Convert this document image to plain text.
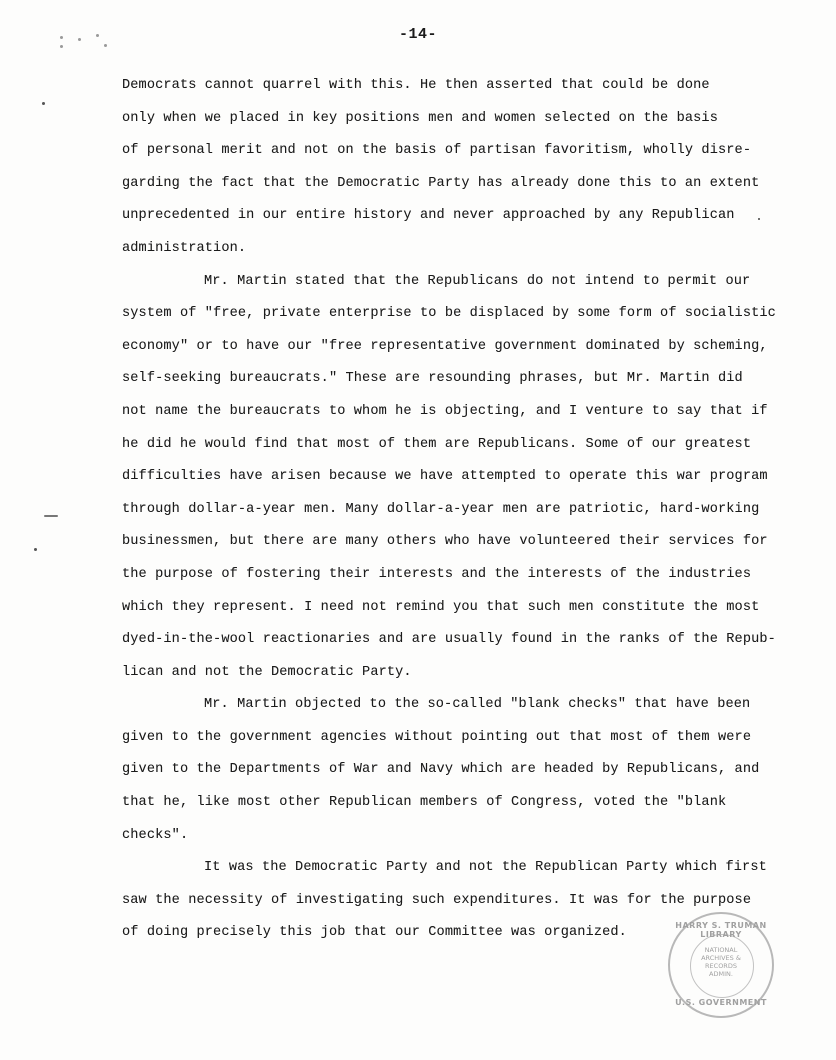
-14-
Democrats cannot quarrel with this. He then asserted that could be done
only when we placed in key positions men and women selected on the basis
of personal merit and not on the basis of partisan favoritism, wholly disre-
garding the fact that the Democratic Party has already done this to an extent
unprecedented in our entire history and never approached by any Republican
administration.
Mr. Martin stated that the Republicans do not intend to permit our
system of "free, private enterprise to be displaced by some form of socialistic
economy" or to have our "free representative government dominated by scheming,
self-seeking bureaucrats." These are resounding phrases, but Mr. Martin did
not name the bureaucrats to whom he is objecting, and I venture to say that if
he did he would find that most of them are Republicans. Some of our greatest
difficulties have arisen because we have attempted to operate this war program
through dollar-a-year men. Many dollar-a-year men are patriotic, hard-working
businessmen, but there are many others who have volunteered their services for
the purpose of fostering their interests and the interests of the industries
which they represent. I need not remind you that such men constitute the most
dyed-in-the-wool reactionaries and are usually found in the ranks of the Repub-
lican and not the Democratic Party.
Mr. Martin objected to the so-called "blank checks" that have been
given to the government agencies without pointing out that most of them were
given to the Departments of War and Navy which are headed by Republicans, and
that he, like most other Republican members of Congress, voted the "blank
checks".
It was the Democratic Party and not the Republican Party which first
saw the necessity of investigating such expenditures. It was for the purpose
of doing precisely this job that our Committee was organized.	HARRY S. TRUMAN LIBRARY
NATIONAL
ARCHIVES &
RECORDS
ADMIN.
U.S. GOVERNMENT
